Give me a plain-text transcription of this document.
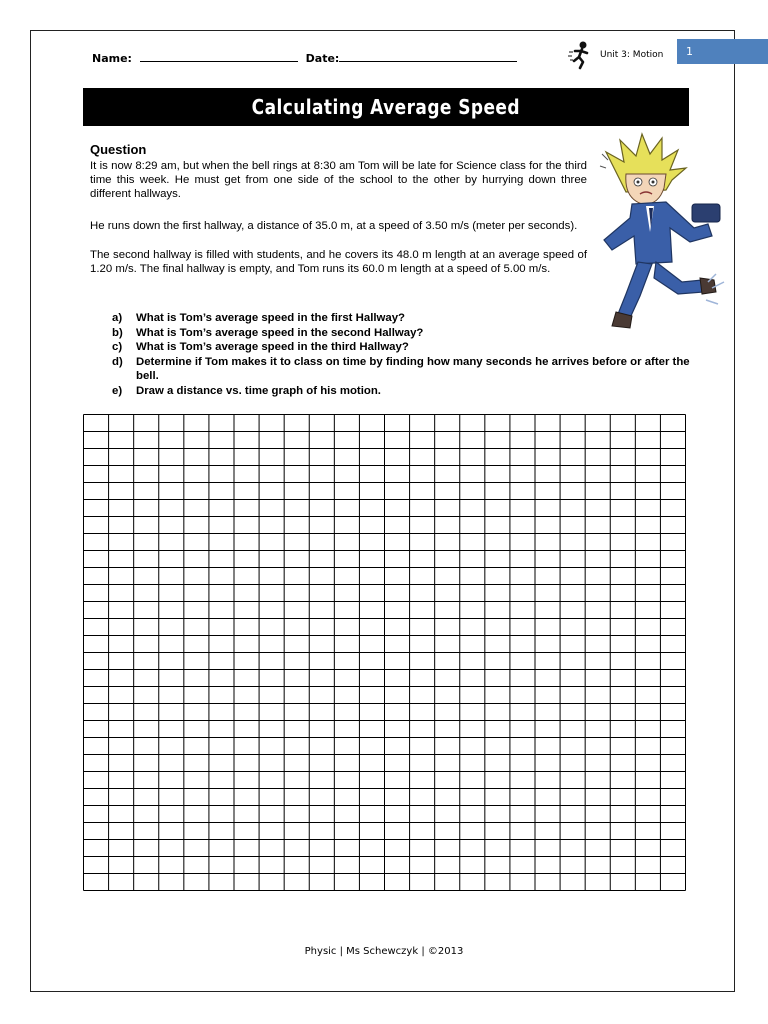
Name:	Date:	Unit 3: Motion	1
Calculating Average Speed
Question
It is now 8:29 am, but when the bell rings at 8:30 am Tom will be late for Science class for the third time this week. He must get from one side of the school to the other by hurrying down three different hallways.
He runs down the first hallway, a distance of 35.0 m, at a speed of 3.50 m/s (meter per seconds).
The second hallway is filled with students, and he covers its 48.0 m length at an average speed of 1.20 m/s. The final hallway is empty, and Tom runs its 60.0 m length at a speed of 5.00 m/s.
a) What is Tom’s average speed in the first Hallway?
b) What is Tom’s average speed in the second Hallway?
c) What is Tom’s average speed in the third Hallway?
d) Determine if Tom makes it to class on time by finding how many seconds he arrives before or after the bell.
e) Draw a distance vs. time graph of his motion.
Physic | Ms Schewczyk | ©2013
